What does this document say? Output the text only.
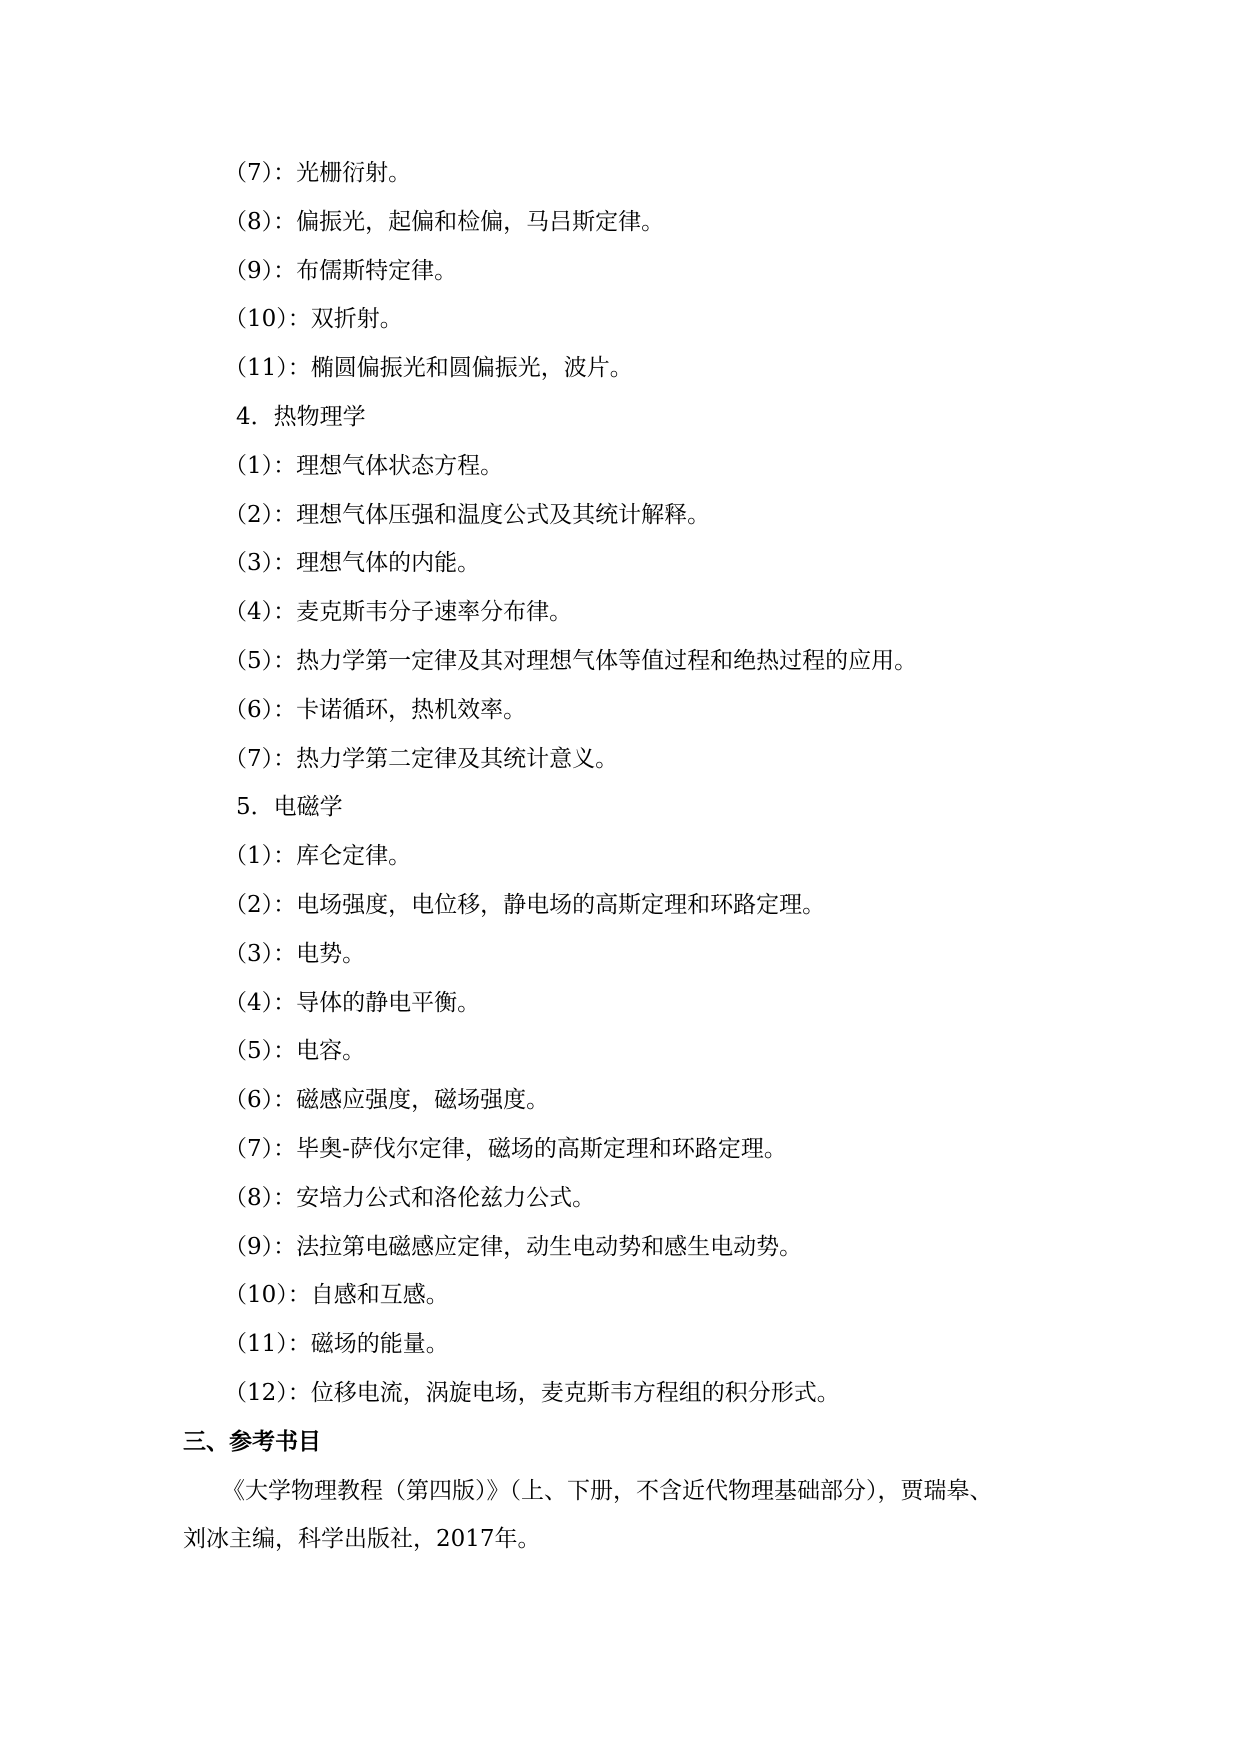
（7）：光栅衍射。
（8）：偏振光，起偏和检偏，马吕斯定律。
（9）：布儒斯特定律。
（10）：双折射。
（11）：椭圆偏振光和圆偏振光，波片。
4．热物理学
（1）：理想气体状态方程。
（2）：理想气体压强和温度公式及其统计解释。
（3）：理想气体的内能。
（4）：麦克斯韦分子速率分布律。
（5）：热力学第一定律及其对理想气体等值过程和绝热过程的应用。
（6）：卡诺循环，热机效率。
（7）：热力学第二定律及其统计意义。
5．电磁学
（1）：库仑定律。
（2）：电场强度，电位移，静电场的高斯定理和环路定理。
（3）：电势。
（4）：导体的静电平衡。
（5）：电容。
（6）：磁感应强度，磁场强度。
（7）：毕奥-萨伐尔定律，磁场的高斯定理和环路定理。
（8）：安培力公式和洛伦兹力公式。
（9）：法拉第电磁感应定律，动生电动势和感生电动势。
（10）：自感和互感。
（11）：磁场的能量。
（12）：位移电流，涡旋电场，麦克斯韦方程组的积分形式。
三、参考书目
《大学物理教程（第四版）》（上、下册，不含近代物理基础部分），贾瑞皋、
刘冰主编，科学出版社，2017年。
